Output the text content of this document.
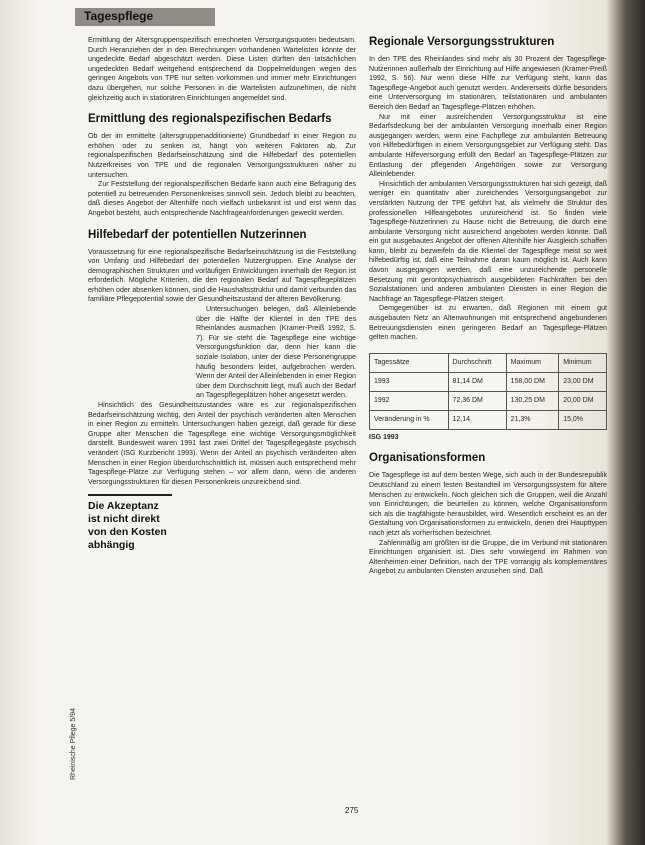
Tagespflege

Ermittlung der Altersgruppenspezifisch errechneten Versorgungsquoten bedeutsam. Durch Heranziehen der in den Berechnungen vorhandenen Wartelisten könnte der ungedeckte Bedarf abgeschätzt werden. Diese Listen dürften den tatsächlichen ungedeckten Bedarf weitgehend entsprechend da Doppelmeldungen wegen des geringen Angebots von TPE nur selten vorkommen und immer mehr Einrichtungen dazu übergehen, nur solche Personen in die Wartelisten aufzunehmen, die nicht gleichzeitig auch in stationären Einrichtungen angemeldet sind.

Ermittlung des regionalspezifischen Bedarfs

Ob der im ermittelte (altersgruppenadditionierte) Grundbedarf in einer Region zu erhöhen oder zu senken ist, hängt von weiteren Faktoren ab. Zur regionalspezifischen Bedarfseinschätzung sind die Hilfebedarf des potentiellen Nutzerkreises von TPE und die regionalen Versorgungsstrukturen näher zu untersuchen.

Zur Feststellung der regionalspezifischen Bedarfe kann auch eine Befragung des potentiell zu betreuenden Personenkreises sinnvoll sein. Jedoch bleibt zu beachten, daß dieses Angebot der Altenhilfe noch vielfach unbekannt ist und erst wenn das Angebot besteht, auch entsprechende Nachfrageanforderungen geweckt werden.

Hilfebedarf der potentiellen Nutzerinnen

Voraussetzung für eine regionalspezifische Bedarfseinschätzung ist die Feststellung von Umfang und Hilfebedarf der potentiellen Nutzergruppen. Eine Analyse der demographischen Strukturen und vorläufigen Entwicklungen innerhalb der Region ist erforderlich. Mögliche Kriterien, die den regionalen Bedarf auf Tagespflegeplätzen erhöhen oder absenken können, sind die Haushaltsstruktur und damit verbunden das familiäre Pflegepotential sowie der Gesundheitszustand der älteren Bevölkerung.

Untersuchungen belegen, daß Alleinlebende über die Hälfte der Klientel in den TPE des Rheinlandes ausmachen (Kramer-Preiß 1992, S. 7). Für sie steht die Tagespflege eine wichtige Versorgungsfunktion dar, denn hier kann die soziale Isolation, unter der diese Personengruppe häufig besonders leidet, aufgebrochen werden. Wenn der Anteil der Alleinlebenden in einer Region über dem Durchschnitt liegt, muß auch der Bedarf an Tagespflegeplätzen höher angesetzt werden.

Hinsichtlich des Gesundheitszustandes wäre es zur regionalspezifischen Bedarfseinschätzung wichtig, den Anteil der psychisch veränderten alten Menschen in einer Region zu ermitteln. Untersuchungen haben gezeigt, daß gerade für diese Gruppe alter Menschen die Tagespflege eine wichtige Versorgungsmöglichkeit darstellt. Bundesweit waren 1991 fast zwei Drittel der Tagespflegegäste psychisch verändert (ISG Kurzbericht 1993). Wenn der Anteil an psychisch veränderten alten Menschen in einer Region überdurchschnittlich ist, müssen auch entsprechend mehr Tagespflege-Plätze zur Verfügung stehen – vor allem dann, wenn die anderen Versorgungsstrukturen für diesen Personenkreis unzureichend sind.

Die Akzeptanz ist nicht direkt von den Kosten abhängig
Regionale Versorgungsstrukturen

In den TPE des Rheinlandes sind mehr als 30 Prozent der Tagespflege-Nutzerinnen außerhalb der Einrichtung auf Hilfe angewiesen (Kramer-Preiß 1992, S. 56). Nur wenn diese Hilfe zur Verfügung steht, kann das Tagespflege-Angebot auch genutzt werden. Andererseits dürfte besonders eine Unterversorgung im stationären, teilstationären und ambulanten Bereich den Bedarf an Tagespflege-Plätzen erhöhen.

Nur mit einer ausreichenden Versorgungsstruktur ist eine Bedarfsdeckung bei der ambulanten Versorgung innerhalb einer Region ausgegangen werden, wenn eine Fachpflege zur ambulanten Betreuung von Hilfebedürftigen in einem Versorgungsgebiet zur Verfügung steht. Das ambulante Hilfeversorgung erfüllt den Bedarf an Tagespflege-Plätzen zur Entlastung der pflegenden Angehörigen sowie zur Versorgung Alleinlebender.

Hinsichtlich der ambulanten Versorgungsstrukturen hat sich gezeigt, daß weniger ein quantitativ aber zureichendes Versorgungsangebot zur verstärkten Nutzung der TPE geführt hat, als vielmehr die Struktur des professionellen Hilfeangebotes unzureichend ist. So finden viele Tagespflege-Nutzerinnen zu Hause nicht die Betreuung, die durch eine ambulante Versorgung nicht ausreichend angeboten werden könnte. Daß ein gut ausgebautes Angebot der offenen Altenhilfe hier Ausgleich schaffen kann, bleibt zu bezweifeln da die Klientel der Tagespflege meist so weit hilfebedürftig ist, daß eine Teilnahme daran kaum möglich ist. Auch kann davon ausgegangen werden, daß eine unzureichende personelle Besetzung mit gerontopsychiatrisch ausgebildeten Fachkräften bei den Sozialstationen und anderen ambulanten Diensten in einer Region die Nachfrage an Tagespflege-Plätzen steigert.

Demgegenüber ist zu erwarten, daß Regionen mit einem gut ausgebauten Netz an Altenwohnungen mit entsprechend angebundenen Betreuungsdiensten einen geringeren Bedarf an Tagespflege-Plätzen gelten machen.

Tagessätze	Durchschnitt	Maximum	Minimum
1993	81,14 DM	158,00 DM	23,00 DM
1992	72,36 DM	130,25 DM	20,00 DM
Veränderung in %	12,14	21,3%	15,0%
ISG 1993
Organisationsformen

Die Tagespflege ist auf dem besten Wege, sich auch in der Bundesrepublik Deutschland zu einem festen Bestandteil im Versorgungssystem für ältere Menschen zu entwickeln. Noch gleichen sich die Gruppen, weil die Anzahl von Einrichtungen, die beurteilen zu können, welche Organisationsform sich als die tragfähigste herausbildet, wird. Wesentlich erscheint es an der Gestaltung von Organisationsformen zu entwickeln, denen drei Haupttypen nach jetzt als vorherrschen bezeichnet.

Zahlenmäßig am größten ist die Gruppe, die im Verbund mit stationären Einrichtungen organisiert ist. Dies sehr vorwiegend im Rahmen von Altenheimen einer Definition, nach der TPE vorrangig als komplementäres Angebot zu ambulanten Diensten anzusehen sind. Daß

Rheinische Pflege 5/94
275
